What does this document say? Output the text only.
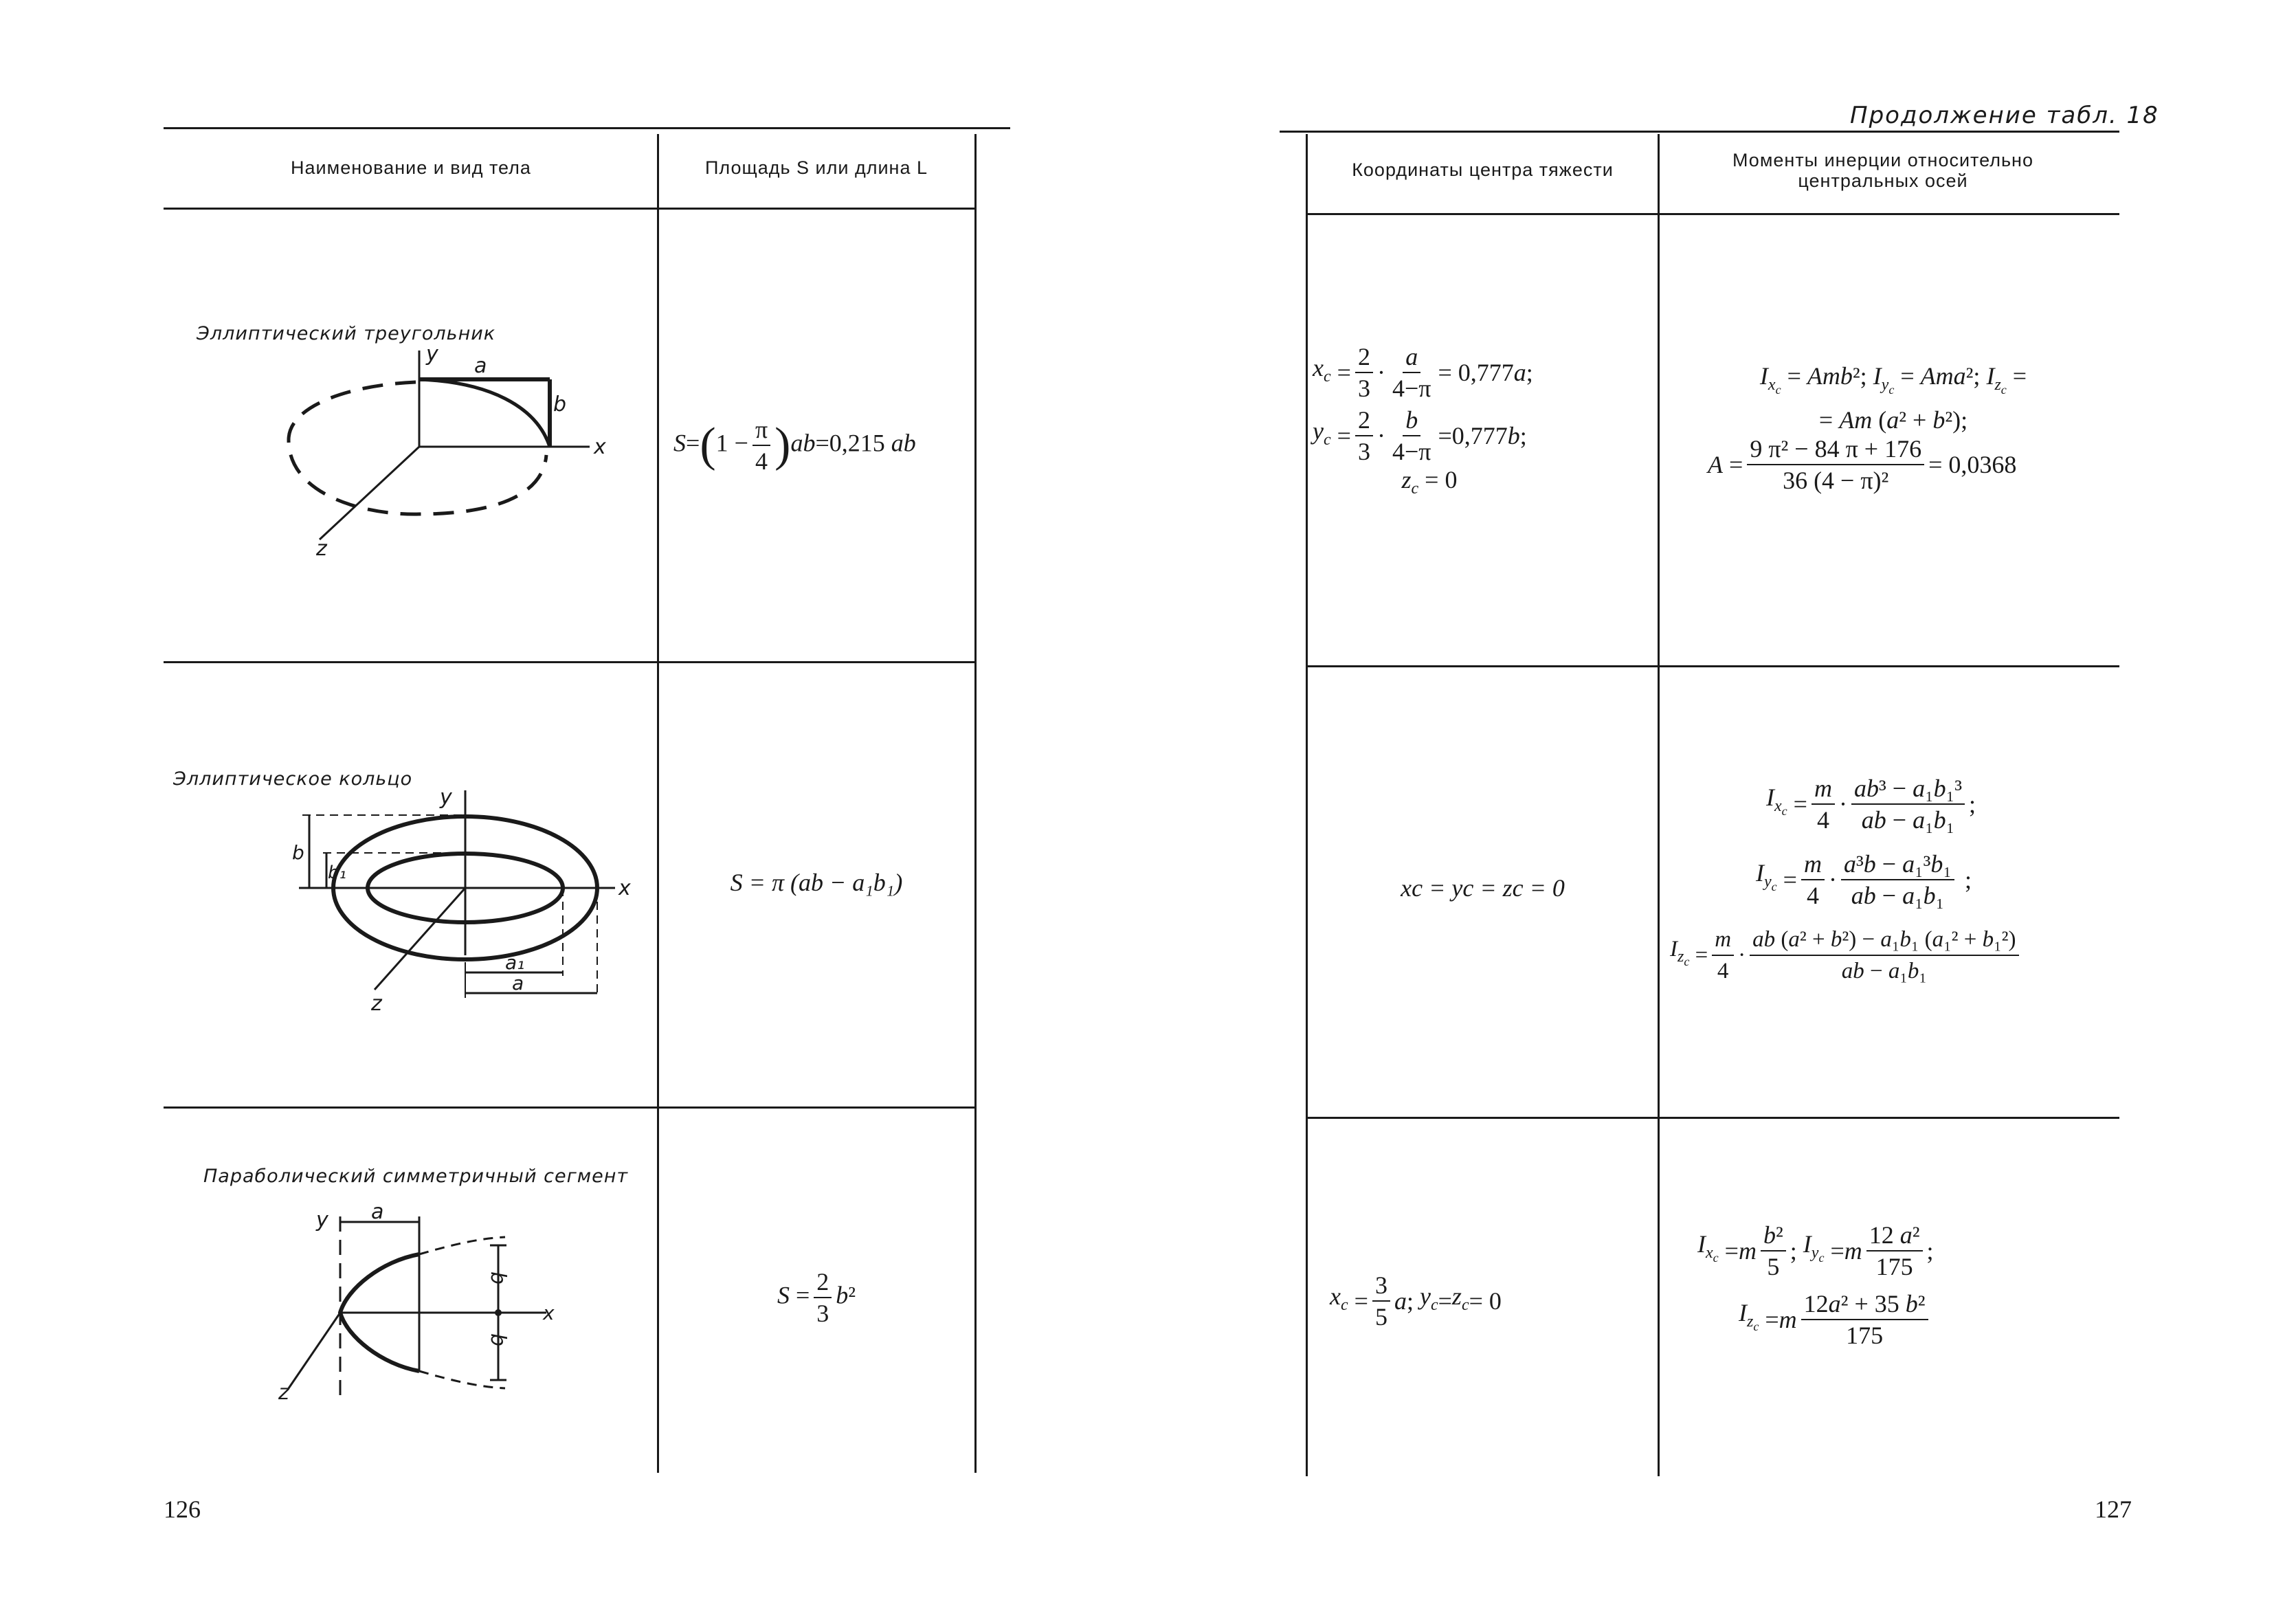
Наименование и вид тела	Площадь S или длина L
Эллиптический треугольник
y a
b
x
z
$S=(1 - \frac{\pi}{4} )ab=0,215$ ab
Эллиптическое кольцо
y
b
b₁
x
z
a₁
a
S = π (ab − a₁b₁)
Параболический симметричный сегмент
y a
b
b
x
z
$S = \frac{2}{3} b^2$
126
Продолжение табл. 18
Координаты центра тяжести	Моменты инерции относительно центральных осей
$x_c = \frac{2}{3} \cdot \frac{a}{4-\pi} = 0,777$ a ;
$y_c = \frac{2}{3} \cdot \frac{b}{4-\pi} =0,777$ b ;
$z_c = 0$
$I_{x_c} = Amb^2$; $I_{y_c} = Ama^2$; $I_{z_c}$ =
= Am (a² + b²);
$A = \frac{\text{9 π² − 84 π + 176}}{\text{36 (4 − π)²}} = 0,0368$
xc = yc = zc = 0
$I_{x_c} = \frac{m}{4} \cdot \frac{\text{ab³ − a₁b₁³}}{\text{ab − a₁b₁}}$ ;
$I_{y_c} = \frac{m}{4} \cdot \frac{\text{a³b − a₁³b₁}}{\text{ab − a₁b₁}}$ ;
$I_{z_c} = \frac{m}{4} \cdot \frac{\text{ab (a² + b²) − a₁b₁ (a₁² + b₁²)}}{\text{ab − a₁b₁}}$
$x_c = \frac{3}{5}$ a ; $y_c = z_c = 0$
$I_{x_c} = m \frac{\text{b²}}{5}$ ; $I_{y_c} = m \frac{\text{12 a²}}{175}$ ;
$I_{z_c} = m \frac{\text{12a² + 35 b²}}{175}$
127
